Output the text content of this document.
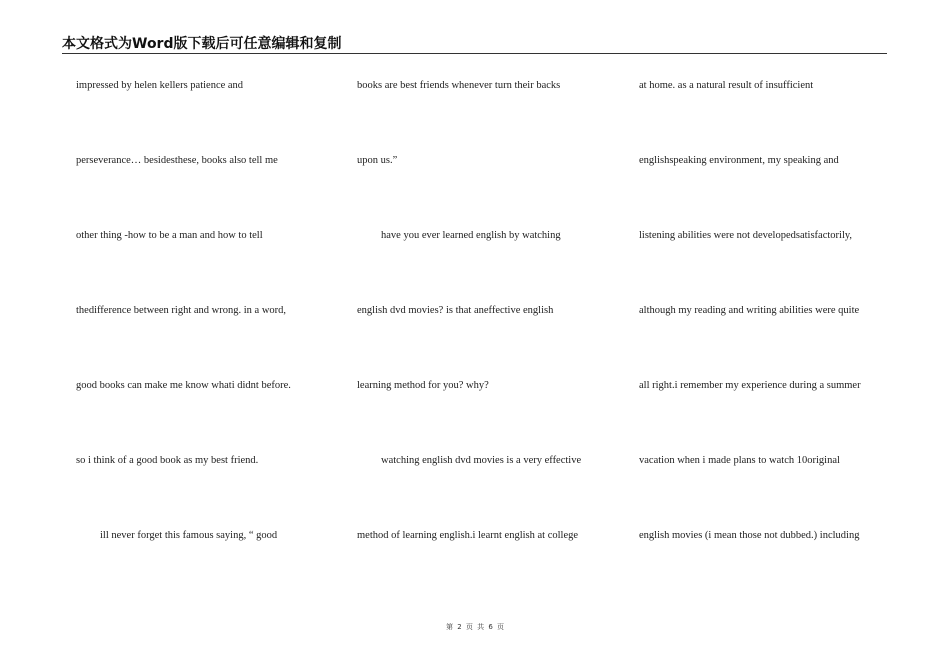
本文格式为Word版下载后可任意编辑和复制
impressed by helen kellers patience and
perseverance… besidesthese, books also tell me
other thing -how to be a man and how to tell
thedifference between right and wrong. in a word,
good books can make me know whati didnt before.
so i think of a good book as my best friend.
ill never forget this famous saying, “ good
books are best friends whenever turn their backs
upon us.”
have you ever learned english by watching
english dvd movies? is that aneffective english
learning method for you? why?
watching english dvd movies is a very effective
method of learning english.i learnt english at college
at home. as a natural result of insufficient
englishspeaking environment, my speaking and
listening abilities were not developedsatisfactorily,
although my reading and writing abilities were quite
all right.i remember my experience during a summer
vacation when i made plans to watch 10original
english movies (i mean those not dubbed.) including
第 2 页 共 6 页
